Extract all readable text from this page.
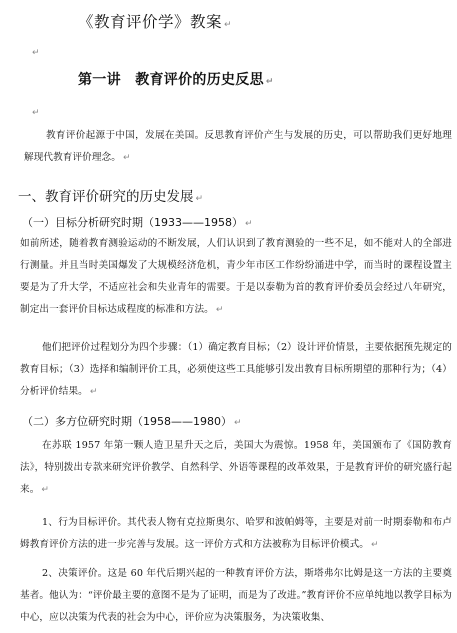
《教育评价学》教案 ↵
↵
第一讲　教育评价的历史反思 ↵
↵
教育评价起源于中国，发展在美国。反思教育评价产生与发展的历史，可以帮助我们更好地理解现代教育评价理念。 ↵
一、教育评价研究的历史发展 ↵
（一）目标分析研究时期（1933——1958） ↵
如前所述，随着教育测验运动的不断发展，人们认识到了教育测验的一些不足，如不能对人的全部进行测量。并且当时美国爆发了大规模经济危机，青少年市区工作纷纷涌进中学，而当时的课程设置主要是为了升大学，不适应社会和失业青年的需要。于是以泰勒为首的教育评价委员会经过八年研究，制定出一套评价目标达成程度的标准和方法。 ↵
他们把评价过程划分为四个步骤：（1）确定教育目标；（2）设计评价情景，主要依据预先规定的教育目标；（3）选择和编制评价工具，必须使这些工具能够引发出教育目标所期望的那种行为；（4）分析评价结果。 ↵
（二）多方位研究时期（1958——1980） ↵
在苏联 1957 年第一颗人造卫星升天之后，美国大为震惊。1958 年，美国颁布了《国防教育法》，特别拨出专款来研究评价教学、自然科学、外语等课程的改革效果，于是教育评价的研究盛行起来。 ↵
1、行为目标评价。其代表人物有克拉斯奥尔、哈罗和波帕姆等，主要是对前一时期泰勒和布卢姆教育评价方法的进一步完善与发展。这一评价方式和方法被称为目标评价模式。 ↵
2、决策评价。这是 60 年代后期兴起的一种教育评价方法，斯塔弗尔比姆是这一方法的主要奠基者。他认为：“评价最主要的意图不是为了证明，而是为了改进。”教育评价不应单纯地以教学目标为中心，应以决策为代表的社会为中心，评价应为决策服务，为决策收集、
